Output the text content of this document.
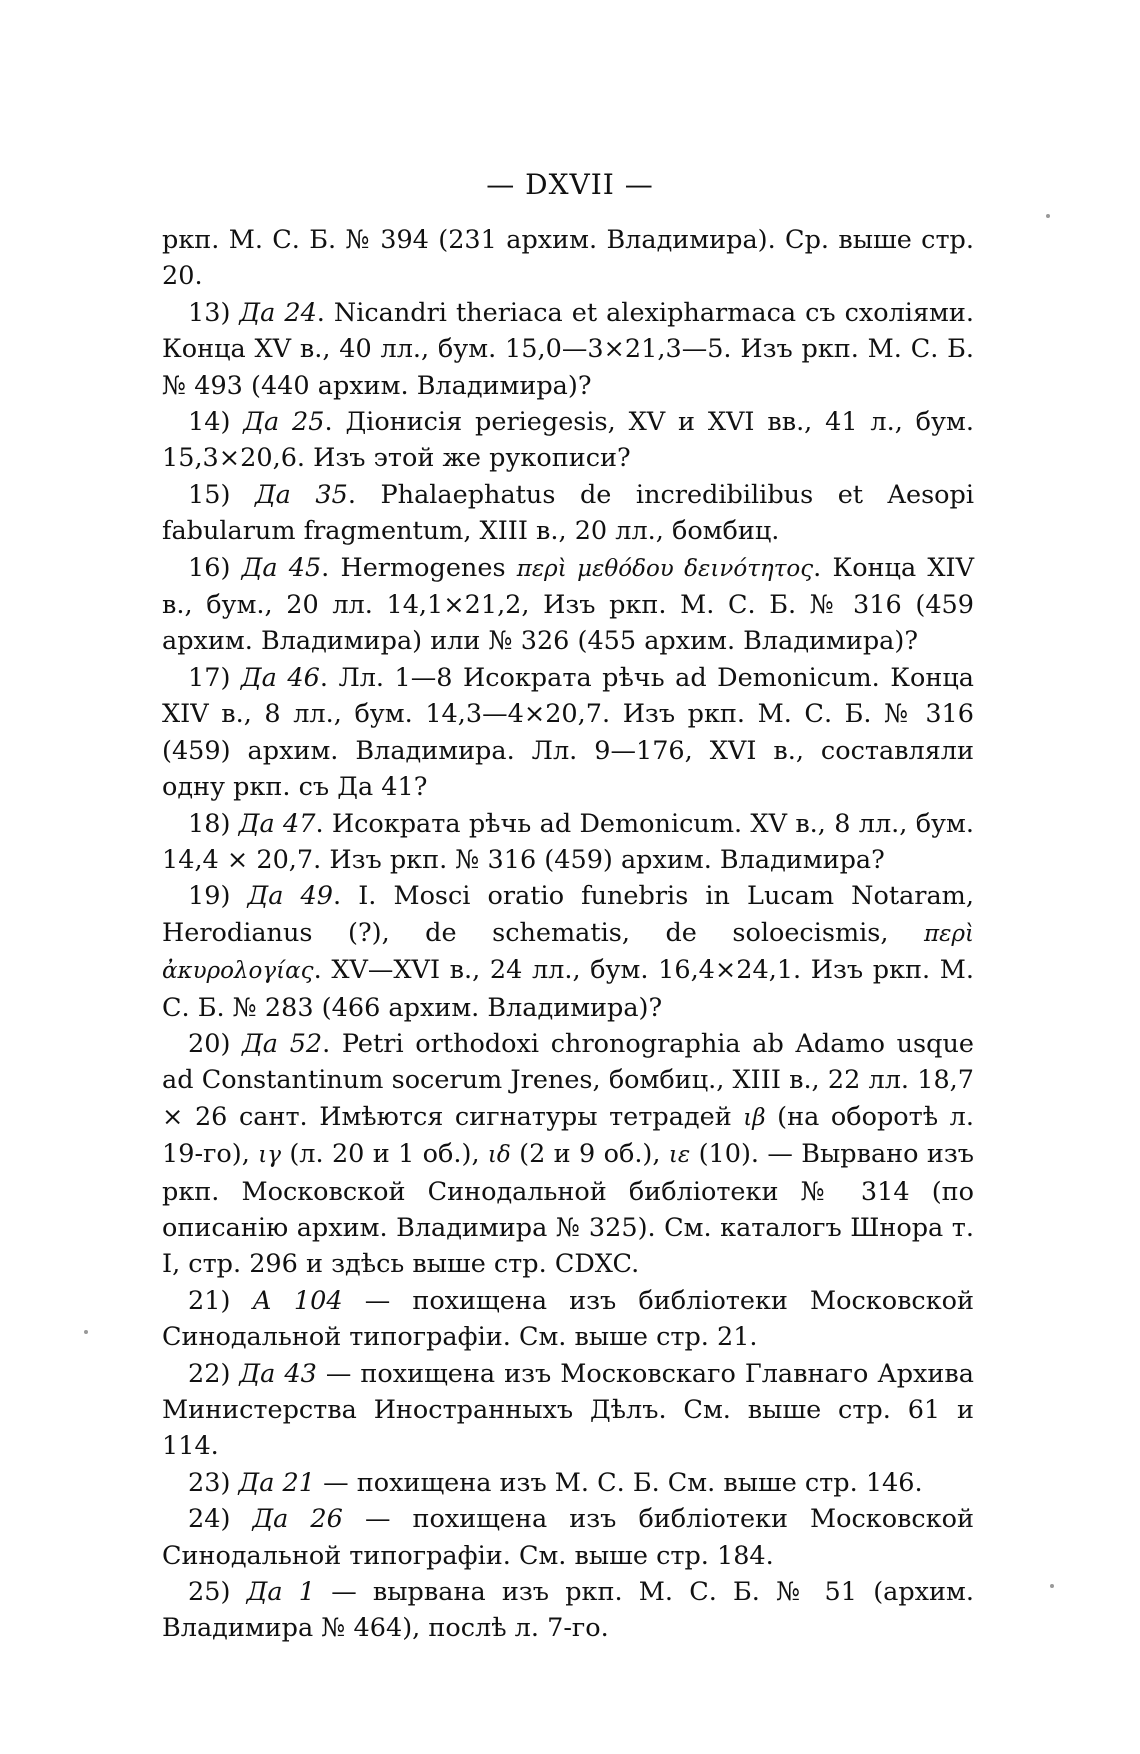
— DXVII —
ркп. М. С. Б. № 394 (231 архим. Владимира). Ср. выше стр. 20.
13) Да 24. Nicandri theriaca et alexipharmaca съ схоліями. Конца XV в., 40 лл., бум. 15,0—3×21,3—5. Изъ ркп. М. С. Б. № 493 (440 архим. Владимира)?
14) Да 25. Діонисія periegesis, XV и XVI вв., 41 л., бум. 15,3×20,6. Изъ этой же рукописи?
15) Да 35. Phalaephatus de incredibilibus et Aesopi fabularum fragmentum, XIII в., 20 лл., бомбиц.
16) Да 45. Hermogenes περὶ μεθόδου δεινότητος. Конца XIV в., бум., 20 лл. 14,1×21,2, Изъ ркп. М. С. Б. № 316 (459 архим. Владимира) или № 326 (455 архим. Владимира)?
17) Да 46. Лл. 1—8 Исократа рѣчь ad Demonicum. Конца XIV в., 8 лл., бум. 14,3—4×20,7. Изъ ркп. М. С. Б. № 316 (459) архим. Владимира. Лл. 9—176, XVI в., составляли одну ркп. съ Да 41?
18) Да 47. Исократа рѣчь ad Demonicum. XV в., 8 лл., бум. 14,4 × 20,7. Изъ ркп. № 316 (459) архим. Владимира?
19) Да 49. I. Mosci oratio funebris in Lucam Notaram, Herodianus (?), de schematis, de soloecismis, περὶ ἀκυρολογίας. XV—XVI в., 24 лл., бум. 16,4×24,1. Изъ ркп. М. С. Б. № 283 (466 архим. Владимира)?
20) Да 52. Petri orthodoxi chronographia ab Adamo usque ad Constantinum socerum Jrenes, бомбиц., XIII в., 22 лл. 18,7 × 26 сант. Имѣются сигнатуры тетрадей ιβ (на оборотѣ л. 19-го), ιγ (л. 20 и 1 об.), ιδ (2 и 9 об.), ιε (10). — Вырвано изъ ркп. Московской Синодальной библіотеки № 314 (по описанію архим. Владимира № 325). См. каталогъ Шнора т. I, стр. 296 и здѣсь выше стр. CDXC.
21) А 104 — похищена изъ библіотеки Московской Синодальной типографіи. См. выше стр. 21.
22) Да 43 — похищена изъ Московскаго Главнаго Архива Министерства Иностранныхъ Дѣлъ. См. выше стр. 61 и 114.
23) Да 21 — похищена изъ М. С. Б. См. выше стр. 146.
24) Да 26 — похищена изъ библіотеки Московской Синодальной типографіи. См. выше стр. 184.
25) Да 1 — вырвана изъ ркп. М. С. Б. № 51 (архим. Владимира № 464), послѣ л. 7-го.
